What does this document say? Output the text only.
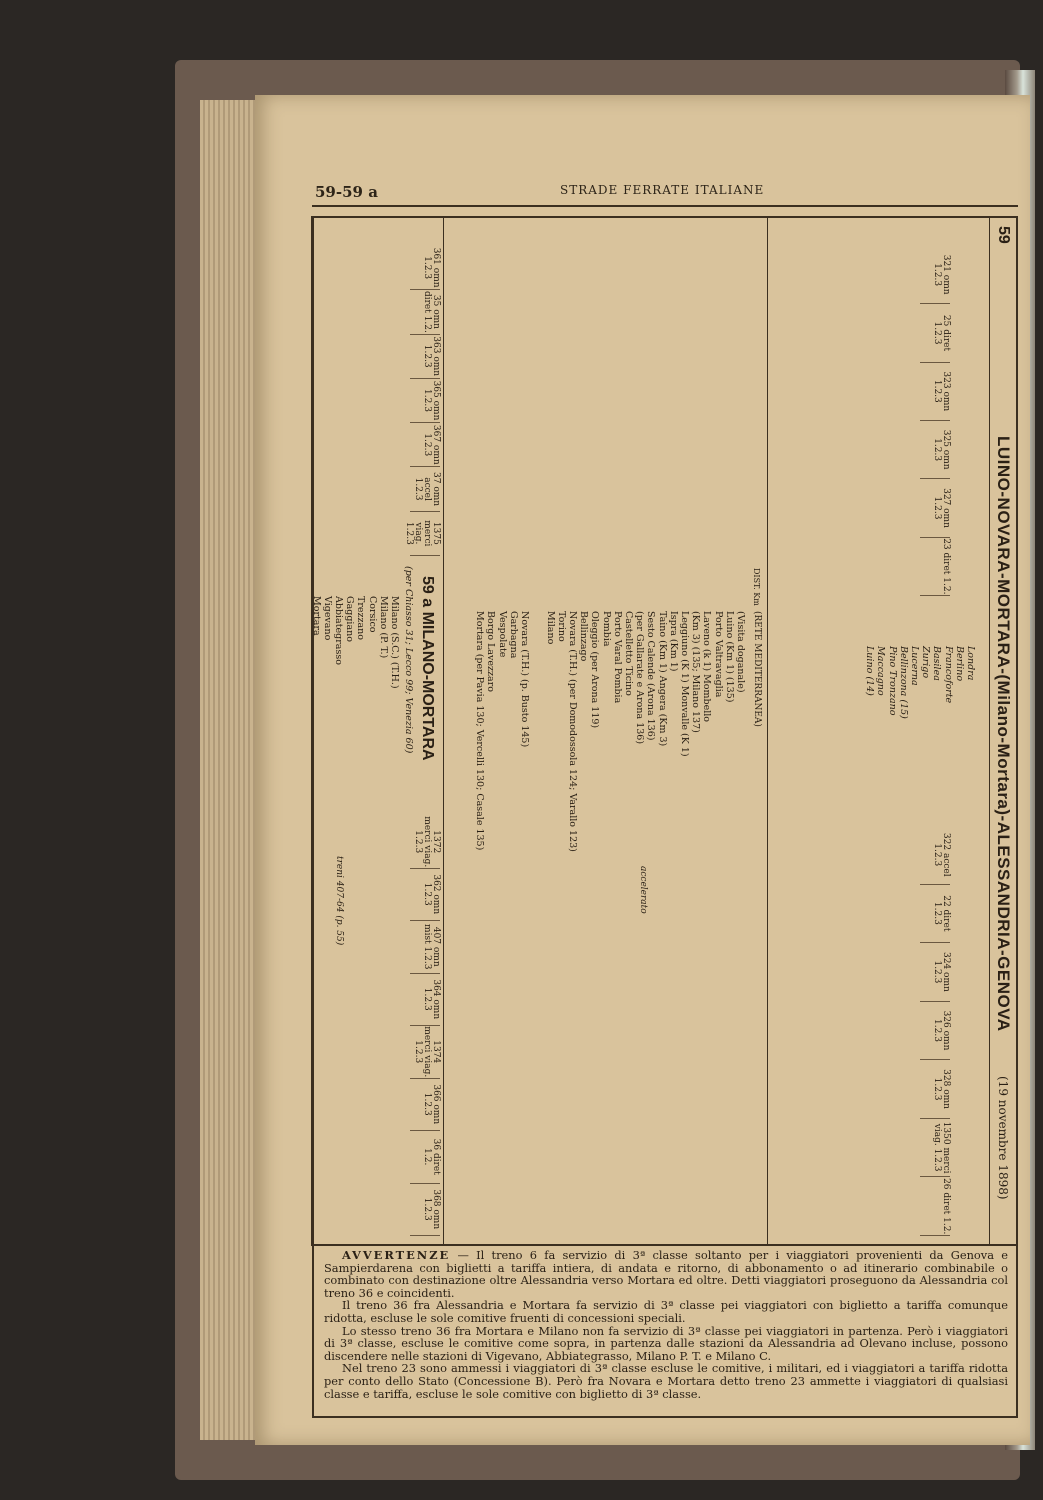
59-59 a	STRADE FERRATE ITALIANE
59
LUINO-NOVARA-MORTARA-(Milano-Mortara)-ALESSANDRIA-GENOVA
(19 novembre 1898)
321 omn 1.2.3
25 diret 1.2.3
323 omn 1.2.3
325 omn 1.2.3
327 omn 1.2.3
23 diret 1.2.
322 accel 1.2.3
22 diret 1.2.3
324 omn 1.2.3
326 omn 1.2.3
328 omn 1.2.3
1350 merci viag. 1.2.3
26 diret 1.2.
Londra
Berlino
Francoforte
Basilea
Zurigo
Lucerna
Bellinzona (15)
Pino Tronzano
Maccagno
Luino (14)
(RETE MEDITERRANEA)
DIST. Km
(Visita doganale)
Luino (Km 1) (135)
Porto Valtravaglia
Laveno (k 1) Mombello
(Km 3) (135; Milano 137)
Leggiuno (K 1) Monvalle (K 1)
Ispra (Km 1)
Taino (Km 1) Angera (Km 3)
Sesto Calende (Arona 136)
(per Gallarate e Arona 136)
Castelletto Ticino
Porto Varal Pombia
Pombia
Oleggio (per Arona 119)
Bellinzago
Novara (T.H.) (per Domodossola 124; Varallo 123)
Torino
Milano
Novara (T.H.) (p. Busto 145)
Garbagna
Vespolate
Borgo Lavezzaro
Mortara (per Pavia 130; Vercelli 130; Casale 135)
accelerato
59 a MILANO-MORTARA
(per Chiasso 31; Lecco 99; Venezia 60)
Milano (S.C.) (T.H.)
Milano (P. T.)
Corsico
Trezzano
Gaggiano
Abbiategrasso
Vigevano
Mortara
361 omn 1.2.3
35 omn diret 1.2.
363 omn 1.2.3
365 omn 1.2.3
367 omn 1.2.3
37 omn accel 1.2.3
1375 merci viag. 1.2.3
1372 merci viag. 1.2.3
362 omn 1.2.3
407 omn mist 1.2.3
364 omn 1.2.3
1374 merci viag. 1.2.3
366 omn 1.2.3
36 diret 1.2.
368 omn 1.2.3
treni 407-64 (p. 55)

AVVERTENZE — Il treno 6 fa servizio di 3ª classe soltanto per i viaggiatori provenienti da Genova e Sampierdarena con biglietti a tariffa intiera, di andata e ritorno, di abbonamento o ad itinerario combinabile o combinato con destinazione oltre Alessandria verso Mortara ed oltre. Detti viaggiatori proseguono da Alessandria col treno 36 e coincidenti.

Il treno 36 fra Alessandria e Mortara fa servizio di 3ª classe pei viaggiatori con biglietto a tariffa comunque ridotta, escluse le sole comitive fruenti di concessioni speciali.

Lo stesso treno 36 fra Mortara e Milano non fa servizio di 3ª classe pei viaggiatori in partenza. Però i viaggiatori di 3ª classe, escluse le comitive come sopra, in partenza dalle stazioni da Alessandria ad Olevano incluse, possono discendere nelle stazioni di Vigevano, Abbiategrasso, Milano P. T. e Milano C.

Nel treno 23 sono ammessi i viaggiatori di 3ª classe escluse le comitive, i militari, ed i viaggiatori a tariffa ridotta per conto dello Stato (Concessione B). Però fra Novara e Mortara detto treno 23 ammette i viaggiatori di qualsiasi classe e tariffa, escluse le sole comitive con biglietto di 3ª classe.
